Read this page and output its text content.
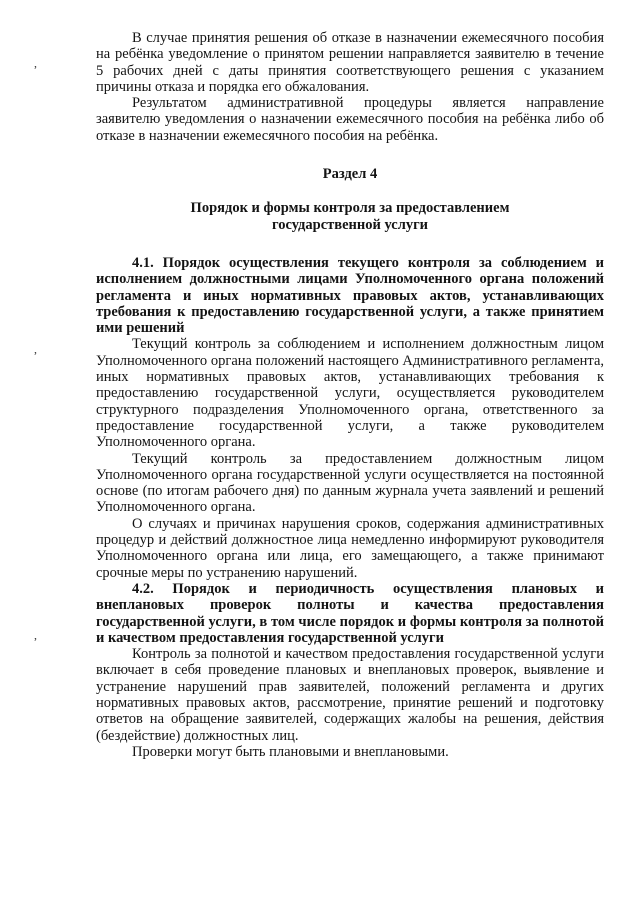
,
,
,

В случае принятия решения об отказе в назначении ежемесячного пособия на ребёнка уведомление о принятом решении направляется заявителю в течение 5 рабочих дней с даты принятия соответствующего решения с указанием причины отказа и порядка его обжалования.

Результатом административной процедуры является направление заявителю уведомления о назначении ежемесячного пособия на ребёнка либо об отказе в назначении ежемесячного пособия на ребёнка.

Раздел 4

Порядок и формы контроля за предоставлением

государственной услуги

4.1. Порядок осуществления текущего контроля за соблюдением и исполнением должностными лицами Уполномоченного органа положений регламента и иных нормативных правовых актов, устанавливающих требования к предоставлению государственной услуги, а также принятием ими решений

Текущий контроль за соблюдением и исполнением должностным лицом Уполномоченного органа положений настоящего Административного регламента, иных нормативных правовых актов, устанавливающих требования к предоставлению государственной услуги, осуществляется руководителем структурного подразделения Уполномоченного органа, ответственного за предоставление государственной услуги, а также руководителем Уполномоченного органа.

Текущий контроль за предоставлением должностным лицом Уполномоченного органа государственной услуги осуществляется на постоянной основе (по итогам рабочего дня) по данным журнала учета заявлений и решений Уполномоченного органа.

О случаях и причинах нарушения сроков, содержания административных процедур и действий должностное лица немедленно информируют руководителя Уполномоченного органа или лица, его замещающего, а также принимают срочные меры по устранению нарушений.

4.2. Порядок и периодичность осуществления плановых и внеплановых проверок полноты и качества предоставления государственной услуги, в том числе порядок и формы контроля за полнотой и качеством предоставления государственной услуги

Контроль за полнотой и качеством предоставления государственной услуги включает в себя проведение плановых и внеплановых проверок, выявление и устранение нарушений прав заявителей, положений регламента и других нормативных правовых актов, рассмотрение, принятие решений и подготовку ответов на обращение заявителей, содержащих жалобы на решения, действия (бездействие) должностных лиц.

Проверки могут быть плановыми и внеплановыми.
